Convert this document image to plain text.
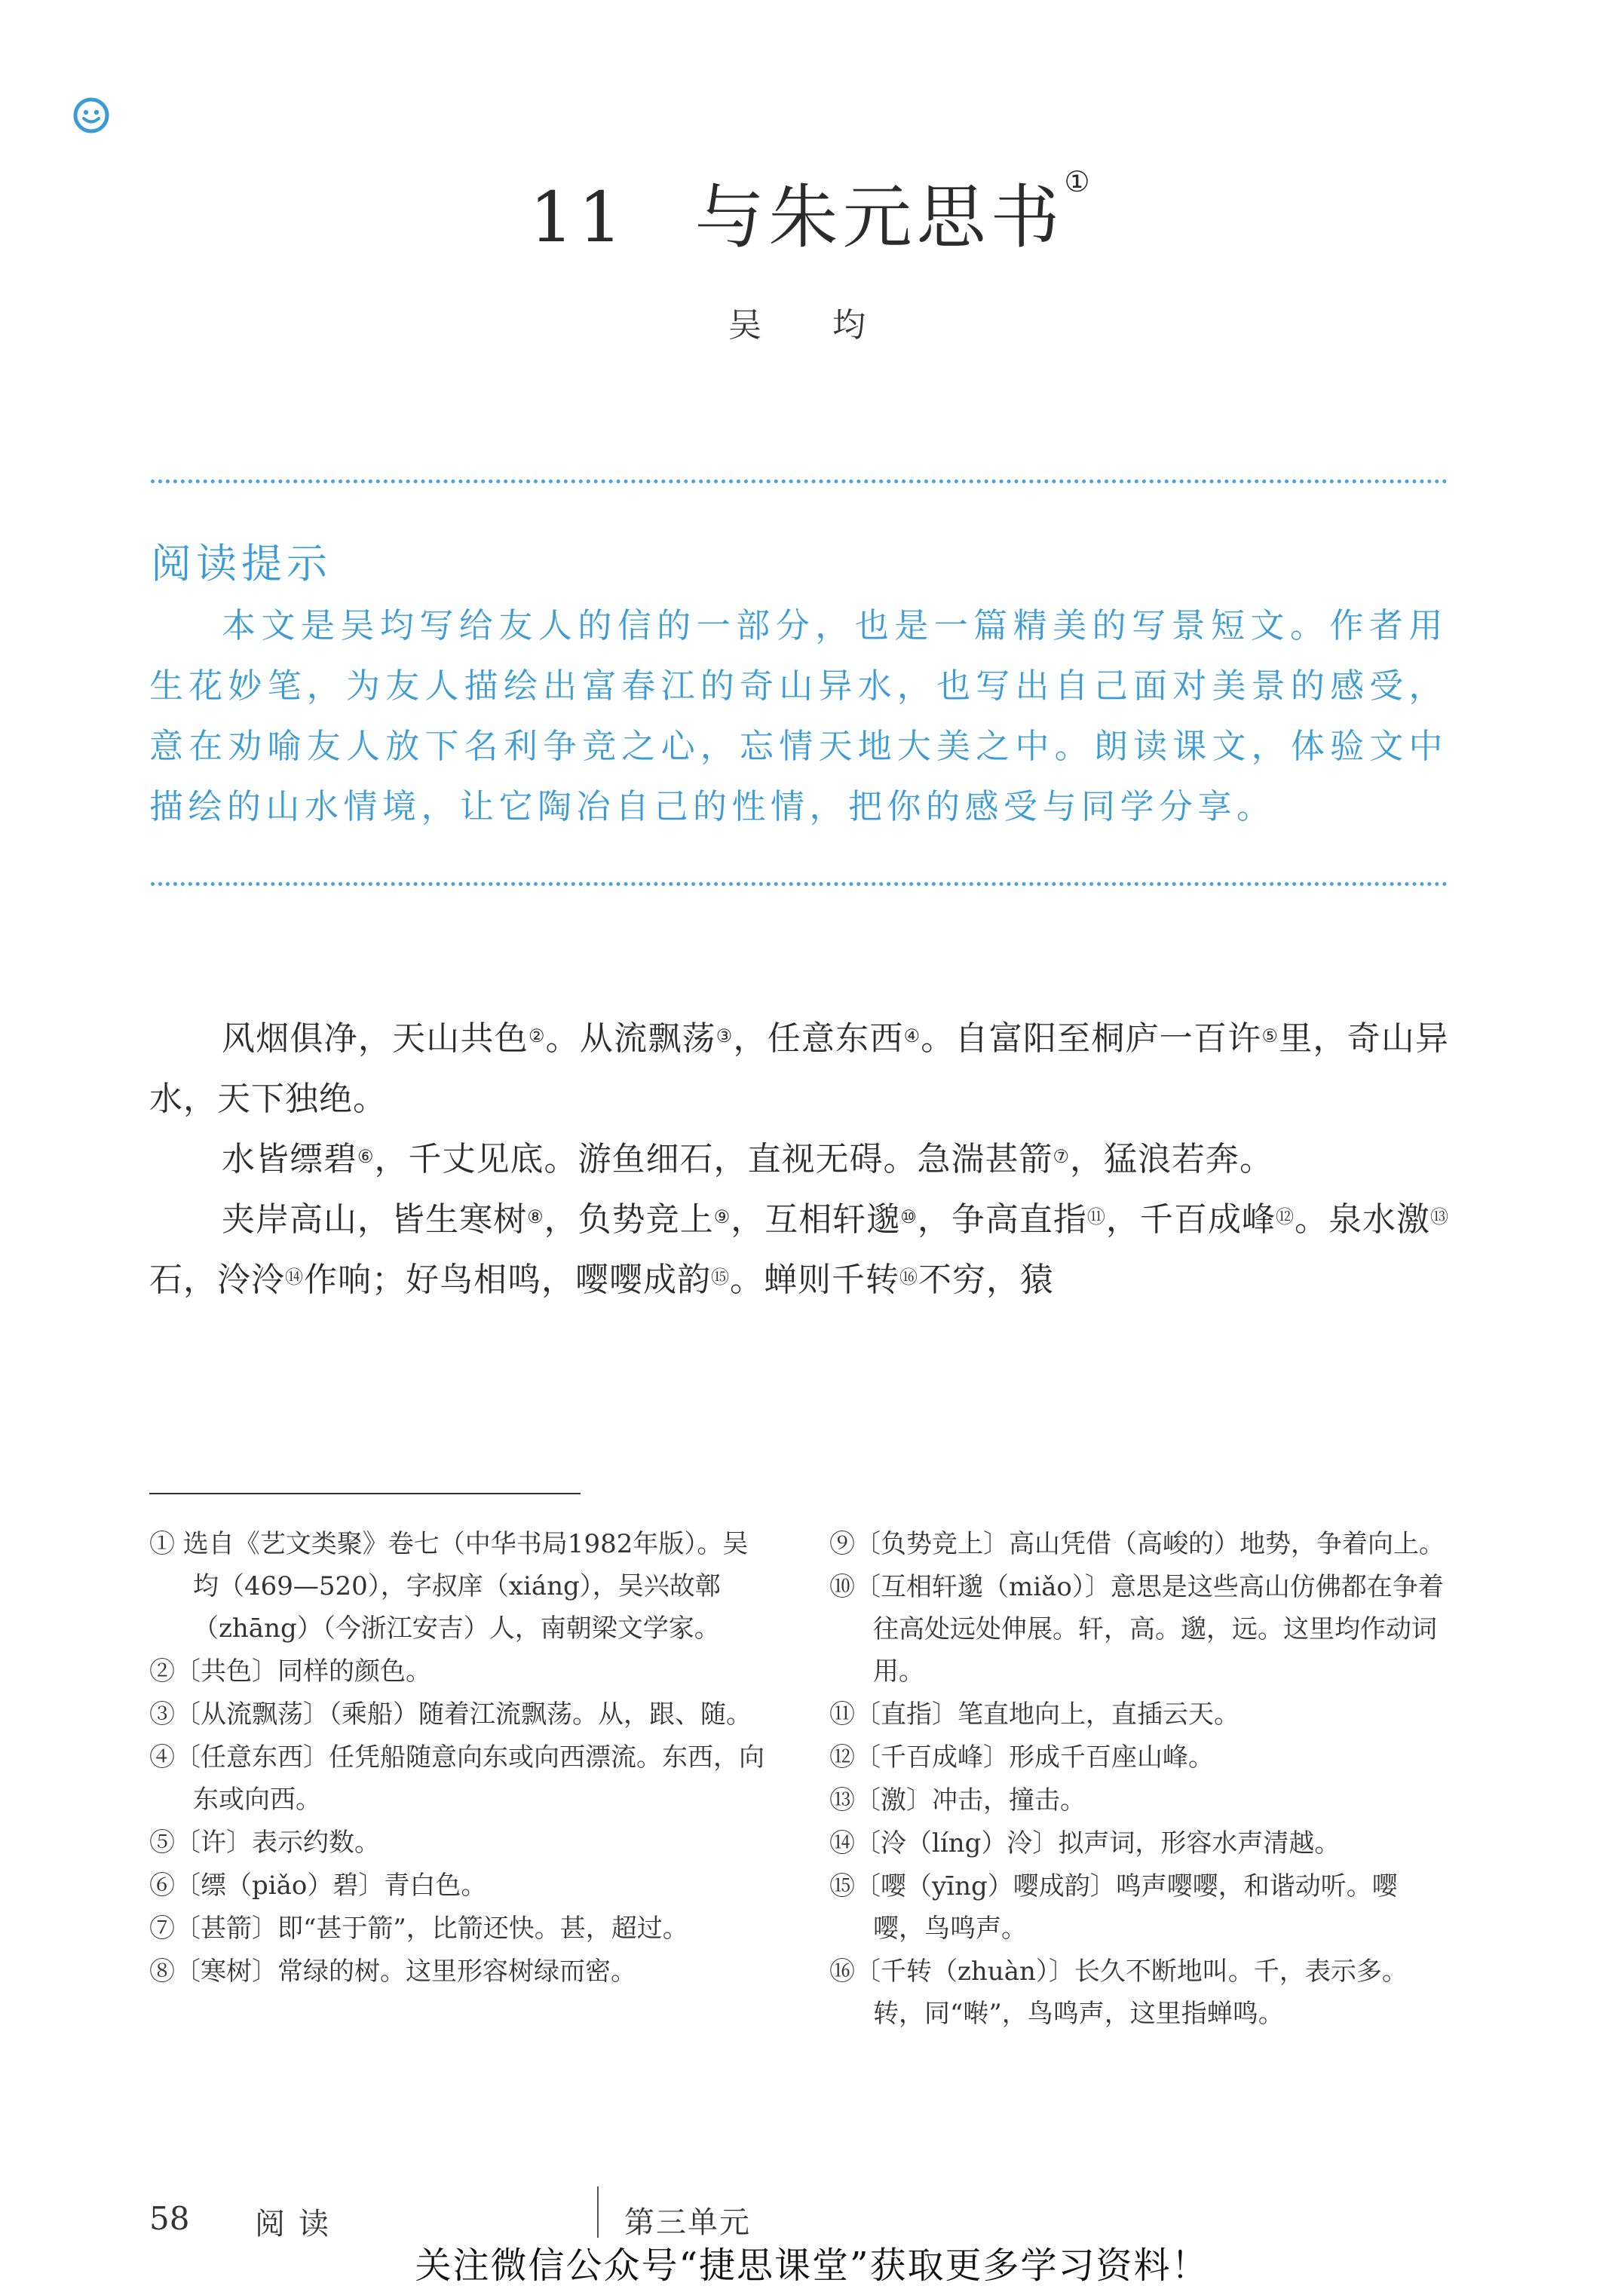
11 与朱元思书①
吴 均
阅读提示
本文是吴均写给友人的信的一部分，也是一篇精美的写景短文。作者用生花妙笔，为友人描绘出富春江的奇山异水，也写出自己面对美景的感受，意在劝喻友人放下名利争竞之心，忘情天地大美之中。朗读课文，体验文中描绘的山水情境，让它陶冶自己的性情，把你的感受与同学分享。

风烟俱净，天山共色②。从流飘荡③，任意东西④。自富阳至桐庐一百许⑤里，奇山异水，天下独绝。

水皆缥碧⑥，千丈见底。游鱼细石，直视无碍。急湍甚箭⑦，猛浪若奔。

夹岸高山，皆生寒树⑧，负势竞上⑨，互相轩邈⑩，争高直指⑪，千百成峰⑫。泉水激⑬石，泠泠⑭作响；好鸟相鸣，嘤嘤成韵⑮。蝉则千转⑯不穷，猿

① 选自《艺文类聚》卷七（中华书局1982年版）。吴均（469—520），字叔庠（xiáng），吴兴故鄣（zhāng）（今浙江安吉）人，南朝梁文学家。
②〔共色〕同样的颜色。
③〔从流飘荡〕（乘船）随着江流飘荡。从，跟、随。
④〔任意东西〕任凭船随意向东或向西漂流。东西，向东或向西。
⑤〔许〕表示约数。
⑥〔缥（piǎo）碧〕青白色。
⑦〔甚箭〕即“甚于箭”，比箭还快。甚，超过。
⑧〔寒树〕常绿的树。这里形容树绿而密。
⑨〔负势竞上〕高山凭借（高峻的）地势，争着向上。
⑩〔互相轩邈（miǎo）〕意思是这些高山仿佛都在争着往高处远处伸展。轩，高。邈，远。这里均作动词用。
⑪〔直指〕笔直地向上，直插云天。
⑫〔千百成峰〕形成千百座山峰。
⑬〔激〕冲击，撞击。
⑭〔泠（líng）泠〕拟声词，形容水声清越。
⑮〔嘤（yīng）嘤成韵〕鸣声嘤嘤，和谐动听。嘤嘤，鸟鸣声。
⑯〔千转（zhuàn）〕长久不断地叫。千，表示多。转，同“啭”，鸟鸣声，这里指蝉鸣。
58 阅读	第三单元
关注微信公众号“捷思课堂”获取更多学习资料！
